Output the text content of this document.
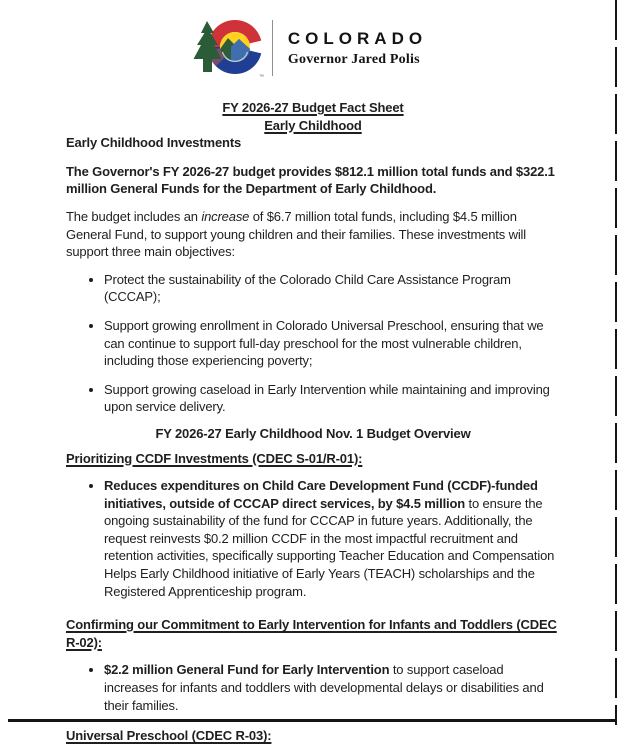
™
COLORADO
Governor Jared Polis
FY 2026-27 Budget Fact Sheet
Early Childhood
Early Childhood Investments

The Governor's FY 2026-27 budget provides $812.1 million total funds and $322.1 million General Funds for the Department of Early Childhood.

The budget includes an increase of $6.7 million total funds, including $4.5 million General Fund, to support young children and their families. These investments will support three main objectives:

• Protect the sustainability of the Colorado Child Care Assistance Program (CCCAP);
• Support growing enrollment in Colorado Universal Preschool, ensuring that we can continue to support full-day preschool for the most vulnerable children, including those experiencing poverty;
• Support growing caseload in Early Intervention while maintaining and improving upon service delivery.
FY 2026-27 Early Childhood Nov. 1 Budget Overview
Prioritizing CCDF Investments (CDEC S-01/R-01):
• Reduces expenditures on Child Care Development Fund (CCDF)-funded initiatives, outside of CCCAP direct services, by $4.5 million to ensure the ongoing sustainability of the fund for CCCAP in future years. Additionally, the request reinvests $0.2 million CCDF in the most impactful recruitment and retention activities, specifically supporting Teacher Education and Compensation Helps Early Childhood initiative of Early Years (TEACH) scholarships and the Registered Apprenticeship program.
Confirming our Commitment to Early Intervention for Infants and Toddlers (CDEC R-02):
• $2.2 million General Fund for Early Intervention to support caseload increases for infants and toddlers with developmental delays or disabilities and their families.
Universal Preschool (CDEC R-03):
